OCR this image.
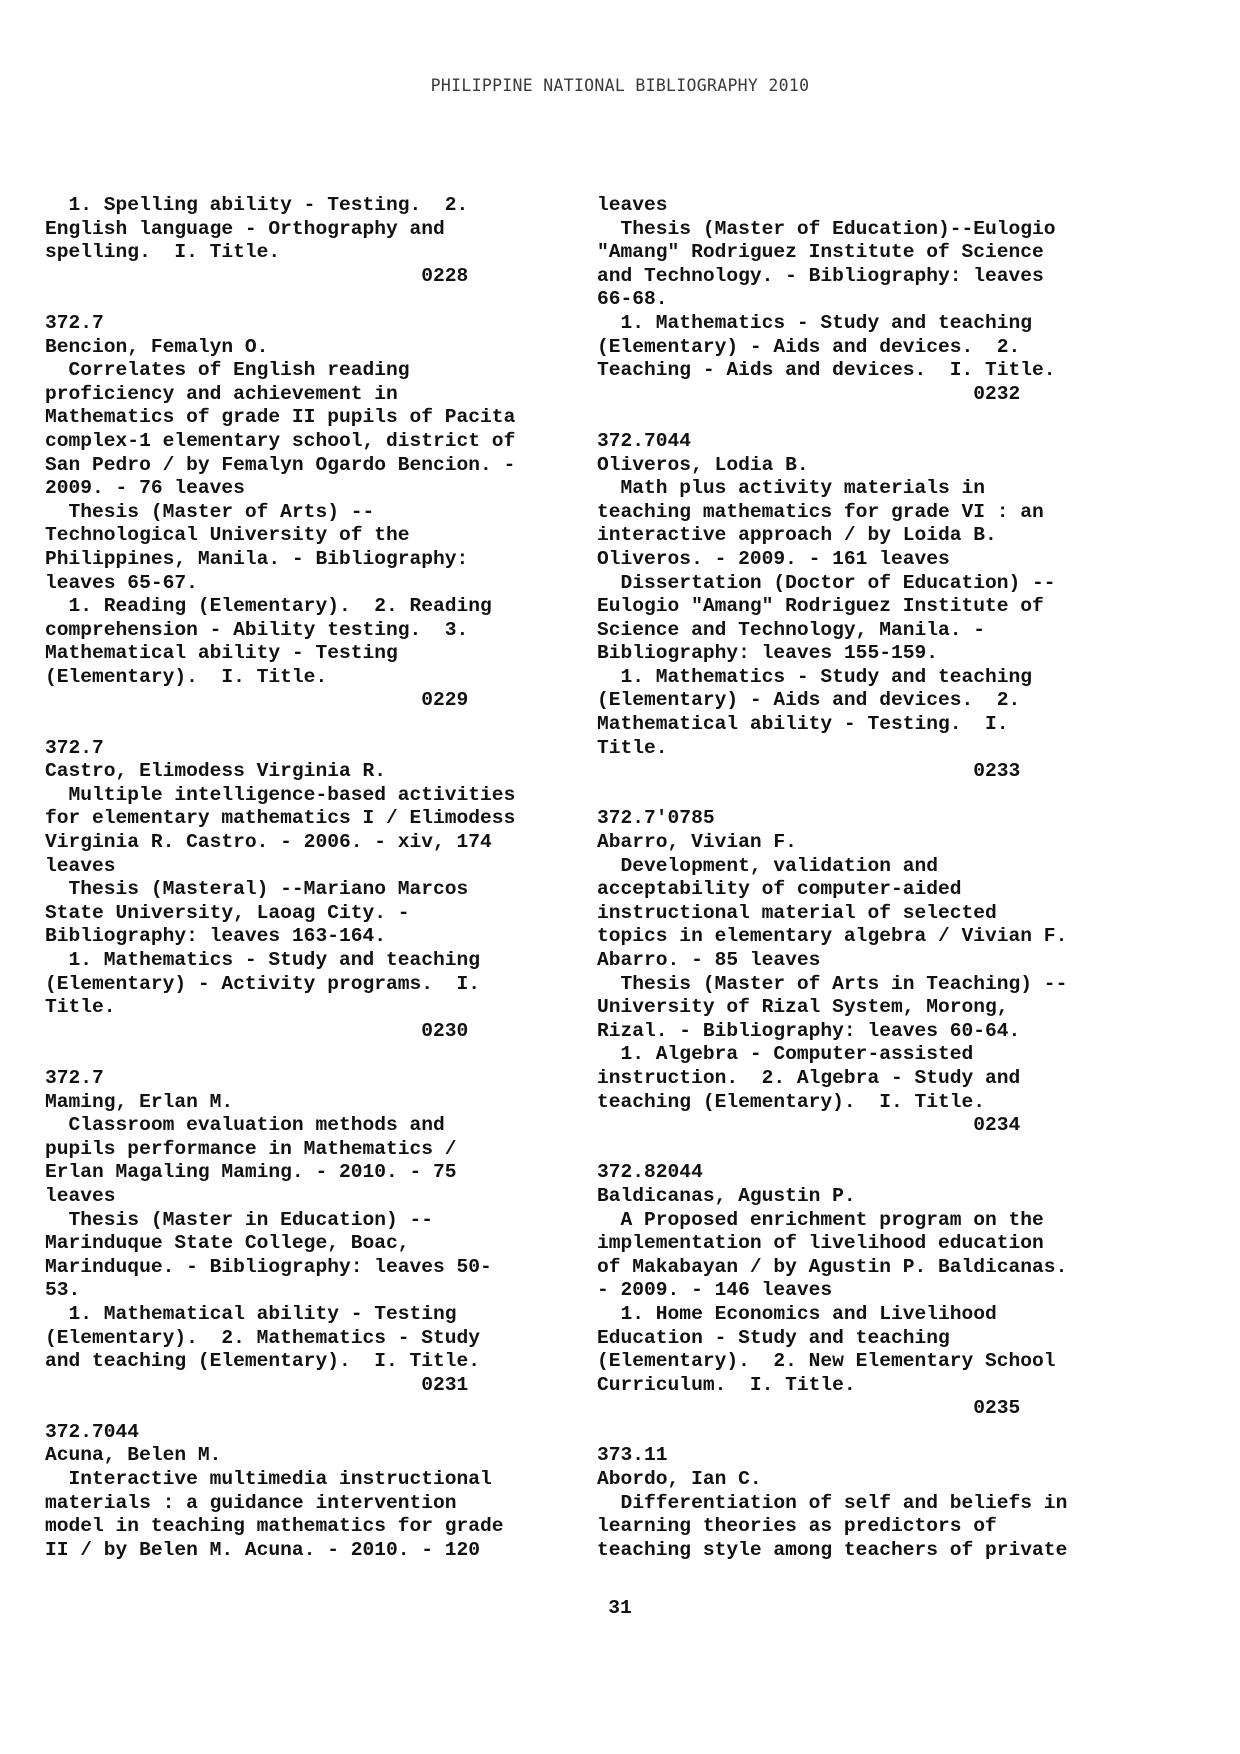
PHILIPPINE NATIONAL BIBLIOGRAPHY 2010
1. Spelling ability - Testing.  2.
English language - Orthography and
spelling.  I. Title.
0228
372.7
Bencion, Femalyn O.
Correlates of English reading
proficiency and achievement in
Mathematics of grade II pupils of Pacita
complex-1 elementary school, district of
San Pedro / by Femalyn Ogardo Bencion. -
2009. - 76 leaves
Thesis (Master of Arts) --
Technological University of the
Philippines, Manila. - Bibliography:
leaves 65-67.
1. Reading (Elementary).  2. Reading
comprehension - Ability testing.  3.
Mathematical ability - Testing
(Elementary).  I. Title.
0229
372.7
Castro, Elimodess Virginia R.
Multiple intelligence-based activities
for elementary mathematics I / Elimodess
Virginia R. Castro. - 2006. - xiv, 174
leaves
Thesis (Masteral) --Mariano Marcos
State University, Laoag City. -
Bibliography: leaves 163-164.
1. Mathematics - Study and teaching
(Elementary) - Activity programs.  I.
Title.
0230
372.7
Maming, Erlan M.
Classroom evaluation methods and
pupils performance in Mathematics /
Erlan Magaling Maming. - 2010. - 75
leaves
Thesis (Master in Education) --
Marinduque State College, Boac,
Marinduque. - Bibliography: leaves 50-
53.
1. Mathematical ability - Testing
(Elementary).  2. Mathematics - Study
and teaching (Elementary).  I. Title.
0231
372.7044
Acuna, Belen M.
Interactive multimedia instructional
materials : a guidance intervention
model in teaching mathematics for grade
II / by Belen M. Acuna. - 2010. - 120
leaves
Thesis (Master of Education)--Eulogio
"Amang" Rodriguez Institute of Science
and Technology. - Bibliography: leaves
66-68.
1. Mathematics - Study and teaching
(Elementary) - Aids and devices.  2.
Teaching - Aids and devices.  I. Title.
0232
372.7044
Oliveros, Lodia B.
Math plus activity materials in
teaching mathematics for grade VI : an
interactive approach / by Loida B.
Oliveros. - 2009. - 161 leaves
Dissertation (Doctor of Education) --
Eulogio "Amang" Rodriguez Institute of
Science and Technology, Manila. -
Bibliography: leaves 155-159.
1. Mathematics - Study and teaching
(Elementary) - Aids and devices.  2.
Mathematical ability - Testing.  I.
Title.
0233
372.7'0785
Abarro, Vivian F.
Development, validation and
acceptability of computer-aided
instructional material of selected
topics in elementary algebra / Vivian F.
Abarro. - 85 leaves
Thesis (Master of Arts in Teaching) --
University of Rizal System, Morong,
Rizal. - Bibliography: leaves 60-64.
1. Algebra - Computer-assisted
instruction.  2. Algebra - Study and
teaching (Elementary).  I. Title.
0234
372.82044
Baldicanas, Agustin P.
A Proposed enrichment program on the
implementation of livelihood education
of Makabayan / by Agustin P. Baldicanas.
- 2009. - 146 leaves
1. Home Economics and Livelihood
Education - Study and teaching
(Elementary).  2. New Elementary School
Curriculum.  I. Title.
0235
373.11
Abordo, Ian C.
Differentiation of self and beliefs in
learning theories as predictors of
teaching style among teachers of private
31
